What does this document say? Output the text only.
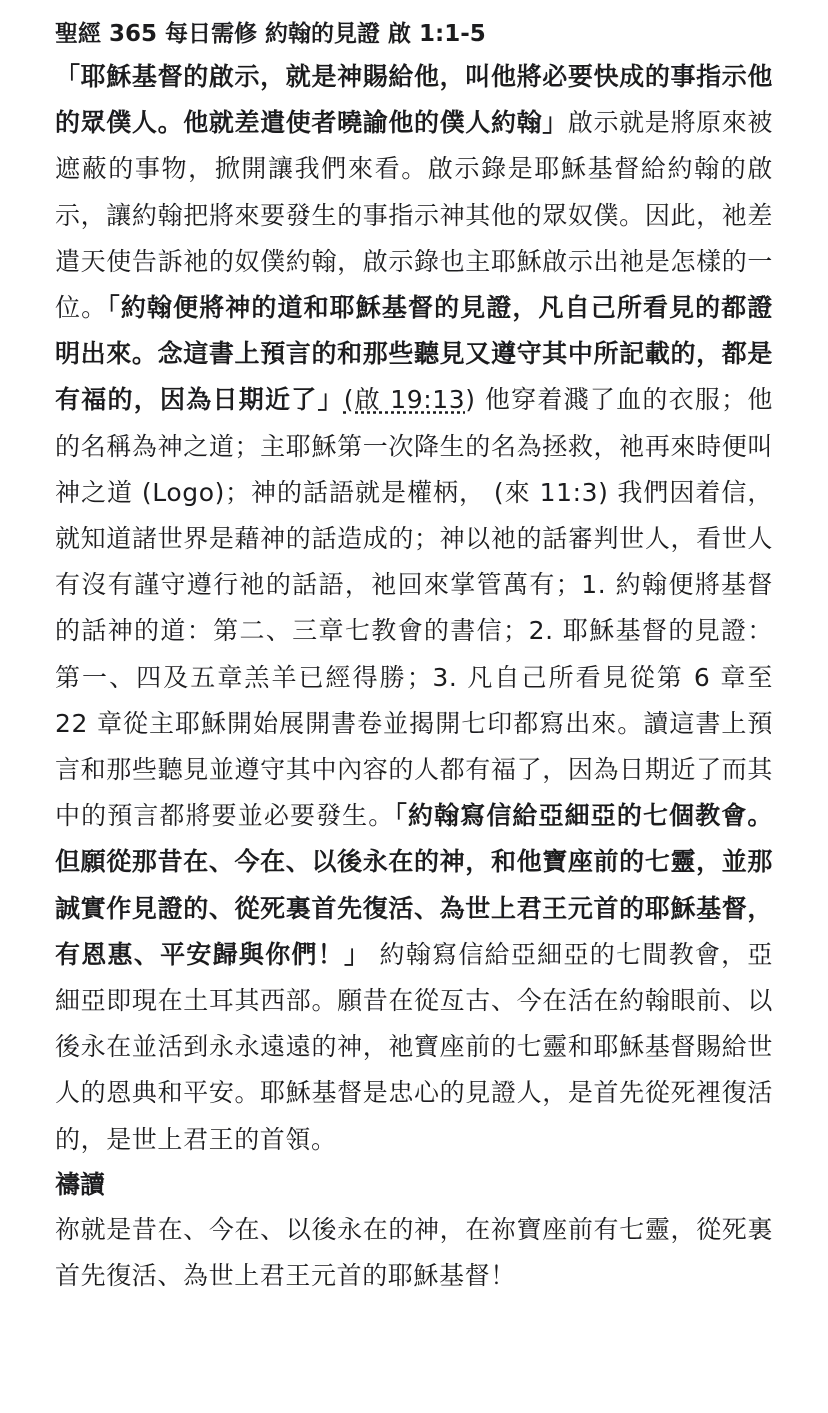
聖經 365 每日需修 約翰的見證 啟 1:1-5

「耶穌基督的啟示，就是神賜給他，叫他將必要快成的事指示他的眾僕人。他就差遣使者曉諭他的僕人約翰」啟示就是將原來被遮蔽的事物，掀開讓我們來看。啟示錄是耶穌基督給約翰的啟示，讓約翰把將來要發生的事指示神其他的眾奴僕。因此，祂差遣天使告訴祂的奴僕約翰，啟示錄也主耶穌啟示出祂是怎樣的一位。「約翰便將神的道和耶穌基督的見證，凡自己所看見的都證明出來。念這書上預言的和那些聽見又遵守其中所記載的，都是有福的，因為日期近了」(啟 19:13) 他穿着濺了血的衣服；他的名稱為神之道；主耶穌第一次降生的名為拯救，祂再來時便叫神之道 (Logo)；神的話語就是權柄， (來 11:3) 我們因着信，就知道諸世界是藉神的話造成的；神以祂的話審判世人，看世人有沒有謹守遵行祂的話語，祂回來掌管萬有；1. 約翰便將基督的話神的道：第二、三章七教會的書信；2. 耶穌基督的見證：第一、四及五章羔羊已經得勝；3. 凡自己所看見從第 6 章至 22 章從主耶穌開始展開書卷並揭開七印都寫出來。讀這書上預言和那些聽見並遵守其中內容的人都有福了，因為日期近了而其中的預言都將要並必要發生。「約翰寫信給亞細亞的七個教會。但願從那昔在、今在、以後永在的神，和他寶座前的七靈，並那誠實作見證的、從死裏首先復活、為世上君王元首的耶穌基督，有恩惠、平安歸與你們！」 約翰寫信給亞細亞的七間教會，亞細亞即現在土耳其西部。願昔在從亙古、今在活在約翰眼前、以後永在並活到永永遠遠的神，祂寶座前的七靈和耶穌基督賜給世人的恩典和平安。耶穌基督是忠心的見證人，是首先從死裡復活的，是世上君王的首領。

禱讀

祢就是昔在、今在、以後永在的神，在祢寶座前有七靈，從死裏首先復活、為世上君王元首的耶穌基督！
